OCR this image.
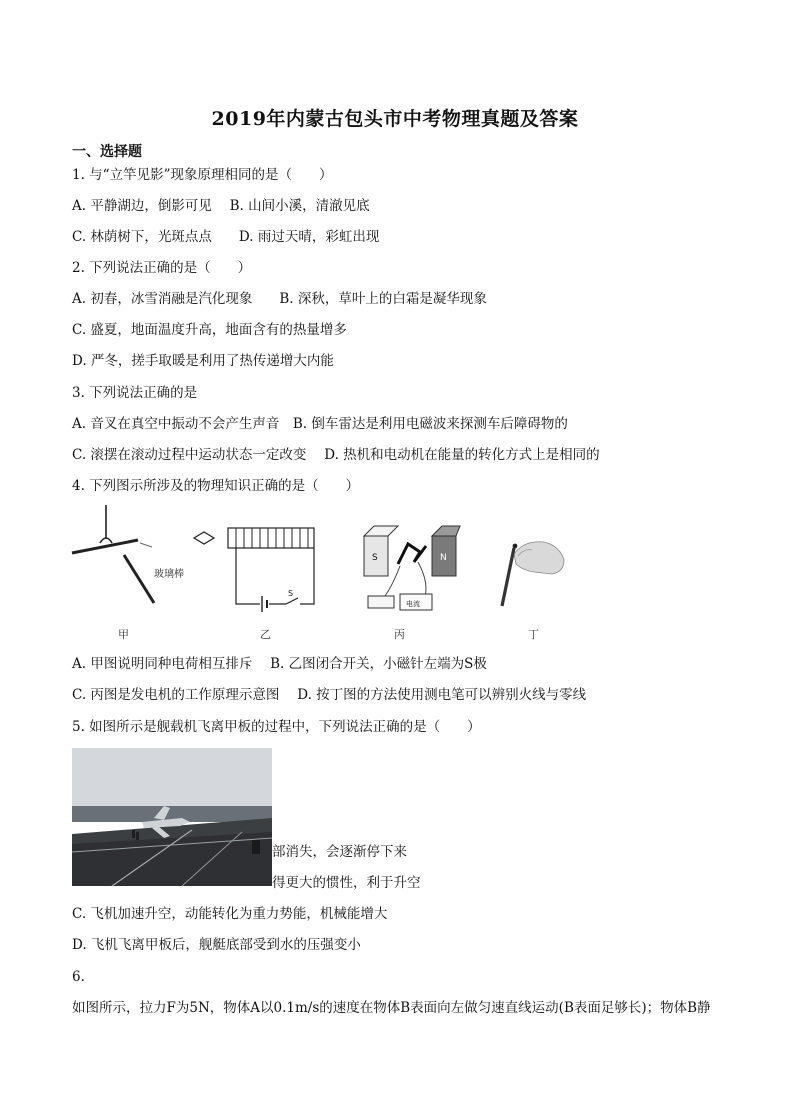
2019年内蒙古包头市中考物理真题及答案
一、选择题
1. 与“立竿见影”现象原理相同的是（　　）
A. 平静湖边，倒影可见　 B. 山间小溪，清澈见底
C. 林荫树下，光斑点点　　D. 雨过天晴，彩虹出现
2. 下列说法正确的是（　　）
A. 初春，冰雪消融是汽化现象　　B. 深秋，草叶上的白霜是凝华现象
C. 盛夏，地面温度升高，地面含有的热量增多
D. 严冬，搓手取暖是利用了热传递增大内能
3. 下列说法正确的是
A. 音叉在真空中振动不会产生声音　B. 倒车雷达是利用电磁波来探测车后障碍物的
C. 滚摆在滚动过程中运动状态一定改变　 D. 热机和电动机在能量的转化方式上是相同的
4. 下列图示所涉及的物理知识正确的是（　　）
玻璃棒
S
S	N
电流
甲	乙	丙	丁
A. 甲图说明同种电荷相互排斥　 B. 乙图闭合开关，小磁针左端为S极
C. 丙图是发电机的工作原理示意图　 D. 按丁图的方法使用测电笔可以辨别火线与零线
5. 如图所示是舰载机飞离甲板的过程中，下列说法正确的是（　　）
部消失，会逐渐停下来
得更大的惯性，利于升空
C. 飞机加速升空，动能转化为重力势能，机械能增大
D. 飞机飞离甲板后，舰艇底部受到水的压强变小
6.
如图所示，拉力F为5N，物体A以0.1m/s的速度在物体B表面向左做匀速直线运动(B表面足够长)；物体B静
